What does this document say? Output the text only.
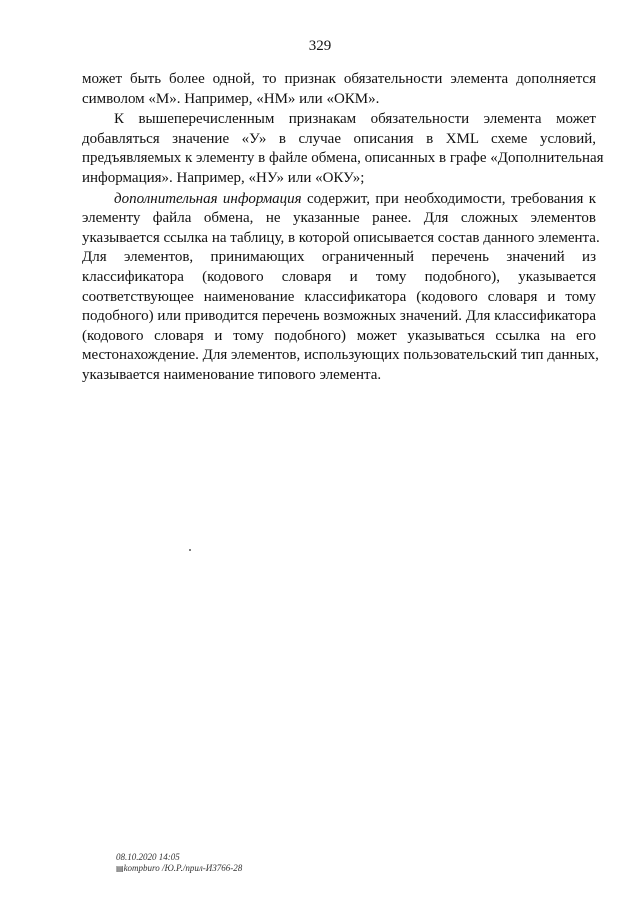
329

может быть более одной, то признак обязательности элемента дополняется
символом «М». Например, «НМ» или «ОКМ».

К вышеперечисленным признакам обязательности элемента может
добавляться значение «У» в случае описания в XML схеме условий,
предъявляемых к элементу в файле обмена, описанных в графе «Дополнительная
информация». Например, «НУ» или «ОКУ»;

дополнительная информация содержит, при необходимости, требования к
элементу файла обмена, не указанные ранее. Для сложных элементов
указывается ссылка на таблицу, в которой описывается состав данного элемента.
Для элементов, принимающих ограниченный перечень значений из
классификатора (кодового словаря и тому подобного), указывается
соответствующее наименование классификатора (кодового словаря и тому
подобного) или приводится перечень возможных значений. Для классификатора
(кодового словаря и тому подобного) может указываться ссылка на его
местонахождение. Для элементов, использующих пользовательский тип данных,
указывается наименование типового элемента.

08.10.2020 14:05
▤kompburo /Ю.Р./прил-ИЗ766-28
